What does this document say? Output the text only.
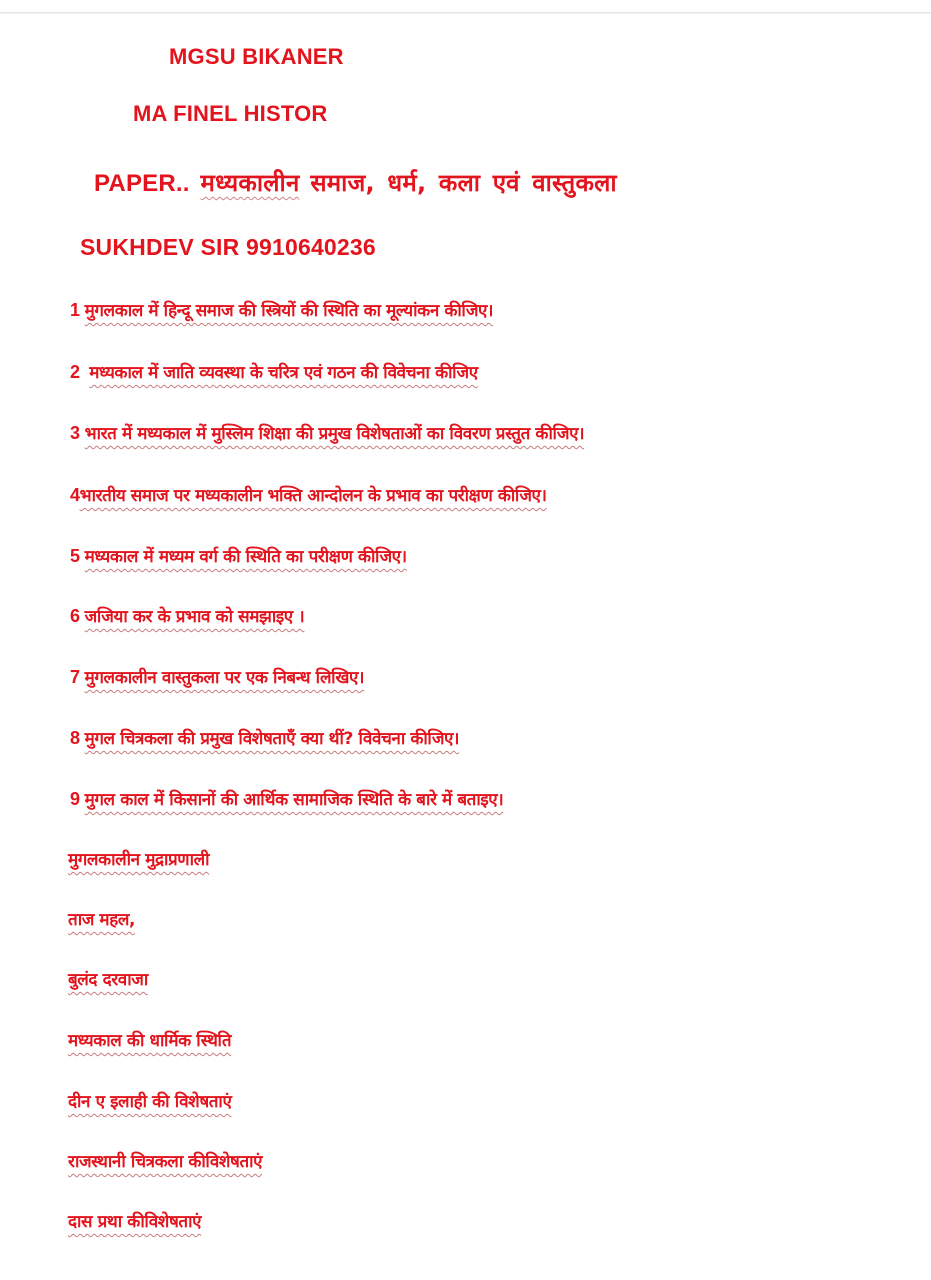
MGSU BIKANER
MA FINEL HISTOR
PAPER.. मध्यकालीन समाज, धर्म, कला एवं वास्तुकला
SUKHDEV SIR 9910640236
1 मुगलकाल में हिन्दू समाज की स्त्रियों की स्थिति का मूल्यांकन कीजिए।
2 मध्यकाल में जाति व्यवस्था के चरित्र एवं गठन की विवेचना कीजिए
3 भारत में मध्यकाल में मुस्लिम शिक्षा की प्रमुख विशेषताओं का विवरण प्रस्तुत कीजिए।
4भारतीय समाज पर मध्यकालीन भक्ति आन्दोलन के प्रभाव का परीक्षण कीजिए।
5 मध्यकाल में मध्यम वर्ग की स्थिति का परीक्षण कीजिए।
6 जजिया कर के प्रभाव को समझाइए ।
7 मुगलकालीन वास्तुकला पर एक निबन्ध लिखिए।
8 मुगल चित्रकला की प्रमुख विशेषताएँ क्या थीं? विवेचना कीजिए।
9 मुगल काल में किसानों की आर्थिक सामाजिक स्थिति के बारे में बताइए।
मुगलकालीन मुद्राप्रणाली
ताज महल,
बुलंद दरवाजा
मध्यकाल की धार्मिक स्थिति
दीन ए इलाही की विशेषताएं
राजस्थानी चित्रकला कीविशेषताएं
दास प्रथा कीविशेषताएं
